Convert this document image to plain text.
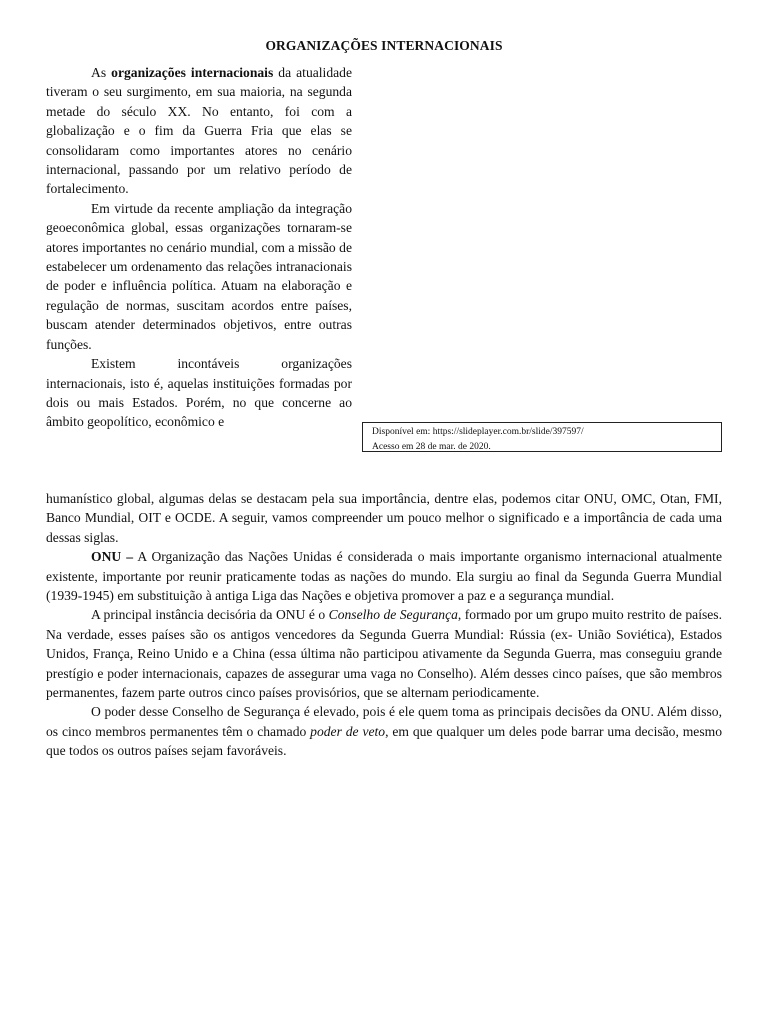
ORGANIZAÇÕES INTERNACIONAIS

As organizações internacionais da atualidade tiveram o seu surgimento, em sua maioria, na segunda metade do século XX. No entanto, foi com a globalização e o fim da Guerra Fria que elas se consolidaram como importantes atores no cenário internacional, passando por um relativo período de fortalecimento.

Em virtude da recente ampliação da integração geoeconômica global, essas organizações tornaram-se atores importantes no cenário mundial, com a missão de estabelecer um ordenamento das relações intranacionais de poder e influência política. Atuam na elaboração e regulação de normas, suscitam acordos entre países, buscam atender determinados objetivos, entre outras funções.

Existem incontáveis organizações internacionais, isto é, aquelas instituições formadas por dois ou mais Estados. Porém, no que concerne ao âmbito geopolítico, econômico e

Disponível em: https://slideplayer.com.br/slide/397597/
Acesso em 28 de mar. de 2020.

humanístico global, algumas delas se destacam pela sua importância, dentre elas, podemos citar ONU, OMC, Otan, FMI, Banco Mundial, OIT e OCDE. A seguir, vamos compreender um pouco melhor o significado e a importância de cada uma dessas siglas.

ONU – A Organização das Nações Unidas é considerada o mais importante organismo internacional atualmente existente, importante por reunir praticamente todas as nações do mundo. Ela surgiu ao final da Segunda Guerra Mundial (1939-1945) em substituição à antiga Liga das Nações e objetiva promover a paz e a segurança mundial.

A principal instância decisória da ONU é o Conselho de Segurança, formado por um grupo muito restrito de países. Na verdade, esses países são os antigos vencedores da Segunda Guerra Mundial: Rússia (ex- União Soviética), Estados Unidos, França, Reino Unido e a China (essa última não participou ativamente da Segunda Guerra, mas conseguiu grande prestígio e poder internacionais, capazes de assegurar uma vaga no Conselho). Além desses cinco países, que são membros permanentes, fazem parte outros cinco países provisórios, que se alternam periodicamente.

O poder desse Conselho de Segurança é elevado, pois é ele quem toma as principais decisões da ONU. Além disso, os cinco membros permanentes têm o chamado poder de veto, em que qualquer um deles pode barrar uma decisão, mesmo que todos os outros países sejam favoráveis.
